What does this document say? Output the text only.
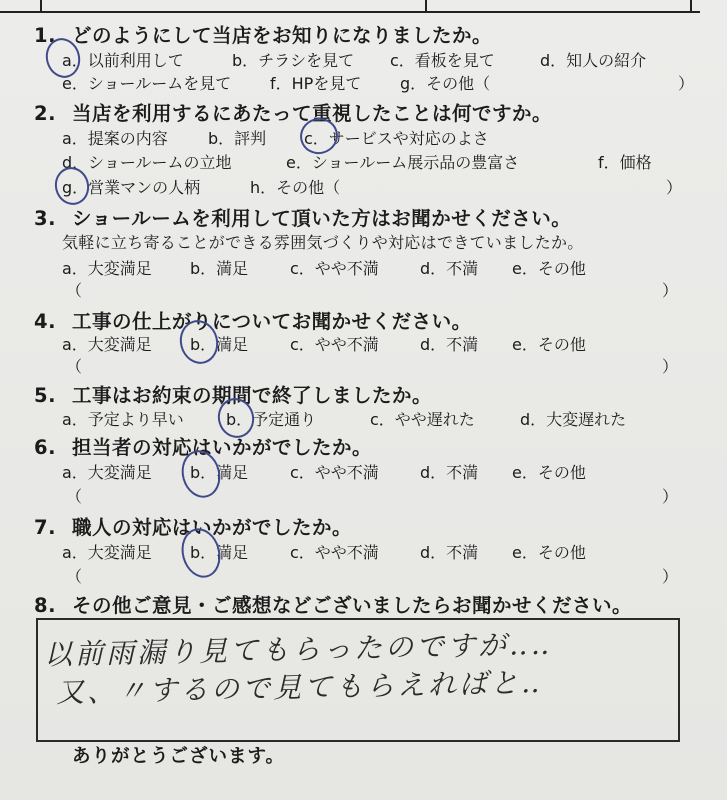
1. どのようにして当店をお知りになりましたか。
a．以前利用して	b．チラシを見て c．看板を見て	d．知人の紹介
e．ショールームを見て f．HPを見て g．その他（	）
2. 当店を利用するにあたって重視したことは何ですか。
a．提案の内容	b．評判 c．サービスや対応のよさ
d．ショールームの立地	e．ショールーム展示品の豊富さ	f．価格
g．営業マンの人柄	h．その他（	）
3. ショールームを利用して頂いた方はお聞かせください。
気軽に立ち寄ることができる雰囲気づくりや対応はできていましたか。
a．大変満足 b．満足	c．やや不満	d．不満 e．その他
（	）
4. 工事の仕上がりについてお聞かせください。
a．大変満足 b．満足	c．やや不満	d．不満 e．その他
（	）
5. 工事はお約束の期間で終了しましたか。
a．予定より早い	b．予定通り	c．やや遅れた	d．大変遅れた
6. 担当者の対応はいかがでしたか。
a．大変満足 b．満足	c．やや不満	d．不満 e．その他
（	）
7. 職人の対応はいかがでしたか。
a．大変満足 b．満足	c．やや不満	d．不満 e．その他
（	）
8. その他ご意見・ご感想などございましたらお聞かせください。
以前雨漏り見てもらったのですが‥‥
又、〃するので見てもらえればと‥
ありがとうございます。
